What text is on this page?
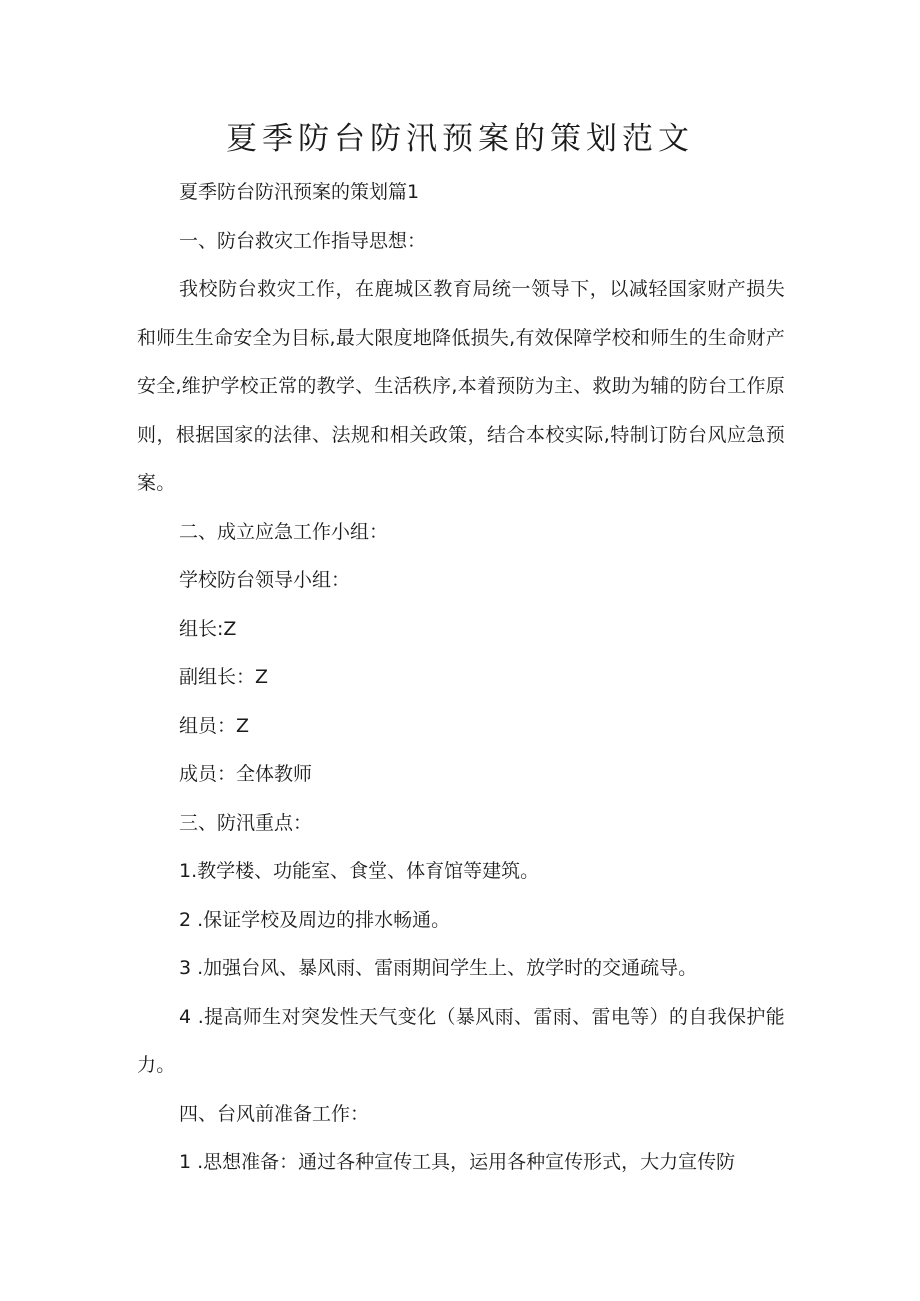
夏季防台防汛预案的策划范文

夏季防台防汛预案的策划篇1

一、防台救灾工作指导思想：

我校防台救灾工作，在鹿城区教育局统一领导下，以减轻国家财产损失和师生生命安全为目标,最大限度地降低损失,有效保障学校和师生的生命财产安全,维护学校正常的教学、生活秩序,本着预防为主、救助为辅的防台工作原则，根据国家的法律、法规和相关政策，结合本校实际,特制订防台风应急预案。

二、成立应急工作小组：

学校防台领导小组：

组长:Z

副组长：Z

组员：Z

成员：全体教师

三、防汛重点：

1.教学楼、功能室、食堂、体育馆等建筑。

2 .保证学校及周边的排水畅通。

3 .加强台风、暴风雨、雷雨期间学生上、放学时的交通疏导。

4 .提高师生对突发性天气变化（暴风雨、雷雨、雷电等）的自我保护能力。

四、台风前准备工作：

1 .思想准备：通过各种宣传工具，运用各种宣传形式，大力宣传防
